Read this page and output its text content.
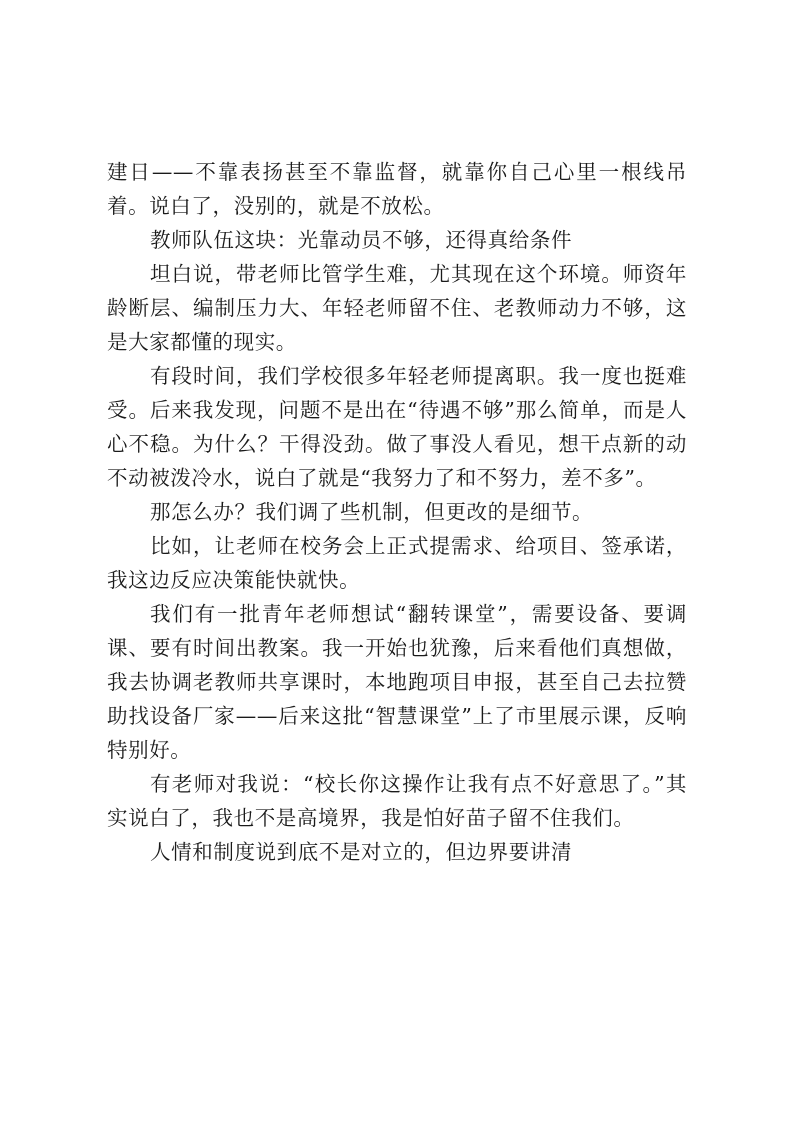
建日——不靠表扬甚至不靠监督，就靠你自己心里一根线吊着。说白了，没别的，就是不放松。

教师队伍这块：光靠动员不够，还得真给条件

坦白说，带老师比管学生难，尤其现在这个环境。师资年龄断层、编制压力大、年轻老师留不住、老教师动力不够，这是大家都懂的现实。

有段时间，我们学校很多年轻老师提离职。我一度也挺难受。后来我发现，问题不是出在“待遇不够”那么简单，而是人心不稳。为什么？干得没劲。做了事没人看见，想干点新的动不动被泼冷水，说白了就是“我努力了和不努力，差不多”。

那怎么办？我们调了些机制，但更改的是细节。

比如，让老师在校务会上正式提需求、给项目、签承诺，我这边反应决策能快就快。

我们有一批青年老师想试“翻转课堂”，需要设备、要调课、要有时间出教案。我一开始也犹豫，后来看他们真想做，我去协调老教师共享课时，本地跑项目申报，甚至自己去拉赞助找设备厂家——后来这批“智慧课堂”上了市里展示课，反响特别好。

有老师对我说：“校长你这操作让我有点不好意思了。”其实说白了，我也不是高境界，我是怕好苗子留不住我们。

人情和制度说到底不是对立的，但边界要讲清
